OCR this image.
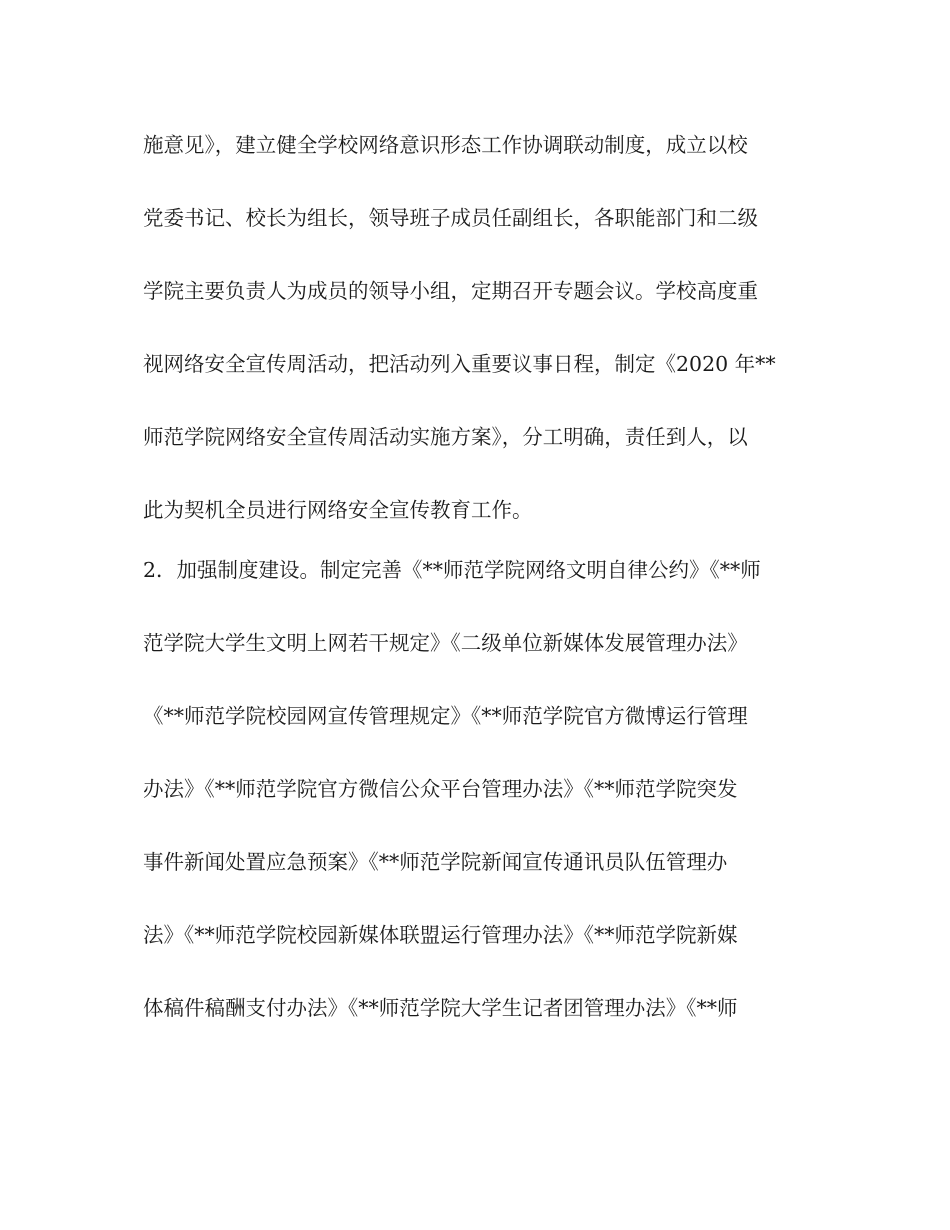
施意见》，建立健全学校网络意识形态工作协调联动制度，成立以校
党委书记、校长为组长，领导班子成员任副组长，各职能部门和二级
学院主要负责人为成员的领导小组，定期召开专题会议。学校高度重
视网络安全宣传周活动，把活动列入重要议事日程，制定《2020 年**
师范学院网络安全宣传周活动实施方案》，分工明确，责任到人，以
此为契机全员进行网络安全宣传教育工作。
2．加强制度建设。制定完善《**师范学院网络文明自律公约》《**师
范学院大学生文明上网若干规定》《二级单位新媒体发展管理办法》
《**师范学院校园网宣传管理规定》《**师范学院官方微博运行管理
办法》《**师范学院官方微信公众平台管理办法》《**师范学院突发
事件新闻处置应急预案》《**师范学院新闻宣传通讯员队伍管理办
法》《**师范学院校园新媒体联盟运行管理办法》《**师范学院新媒
体稿件稿酬支付办法》《**师范学院大学生记者团管理办法》《**师
